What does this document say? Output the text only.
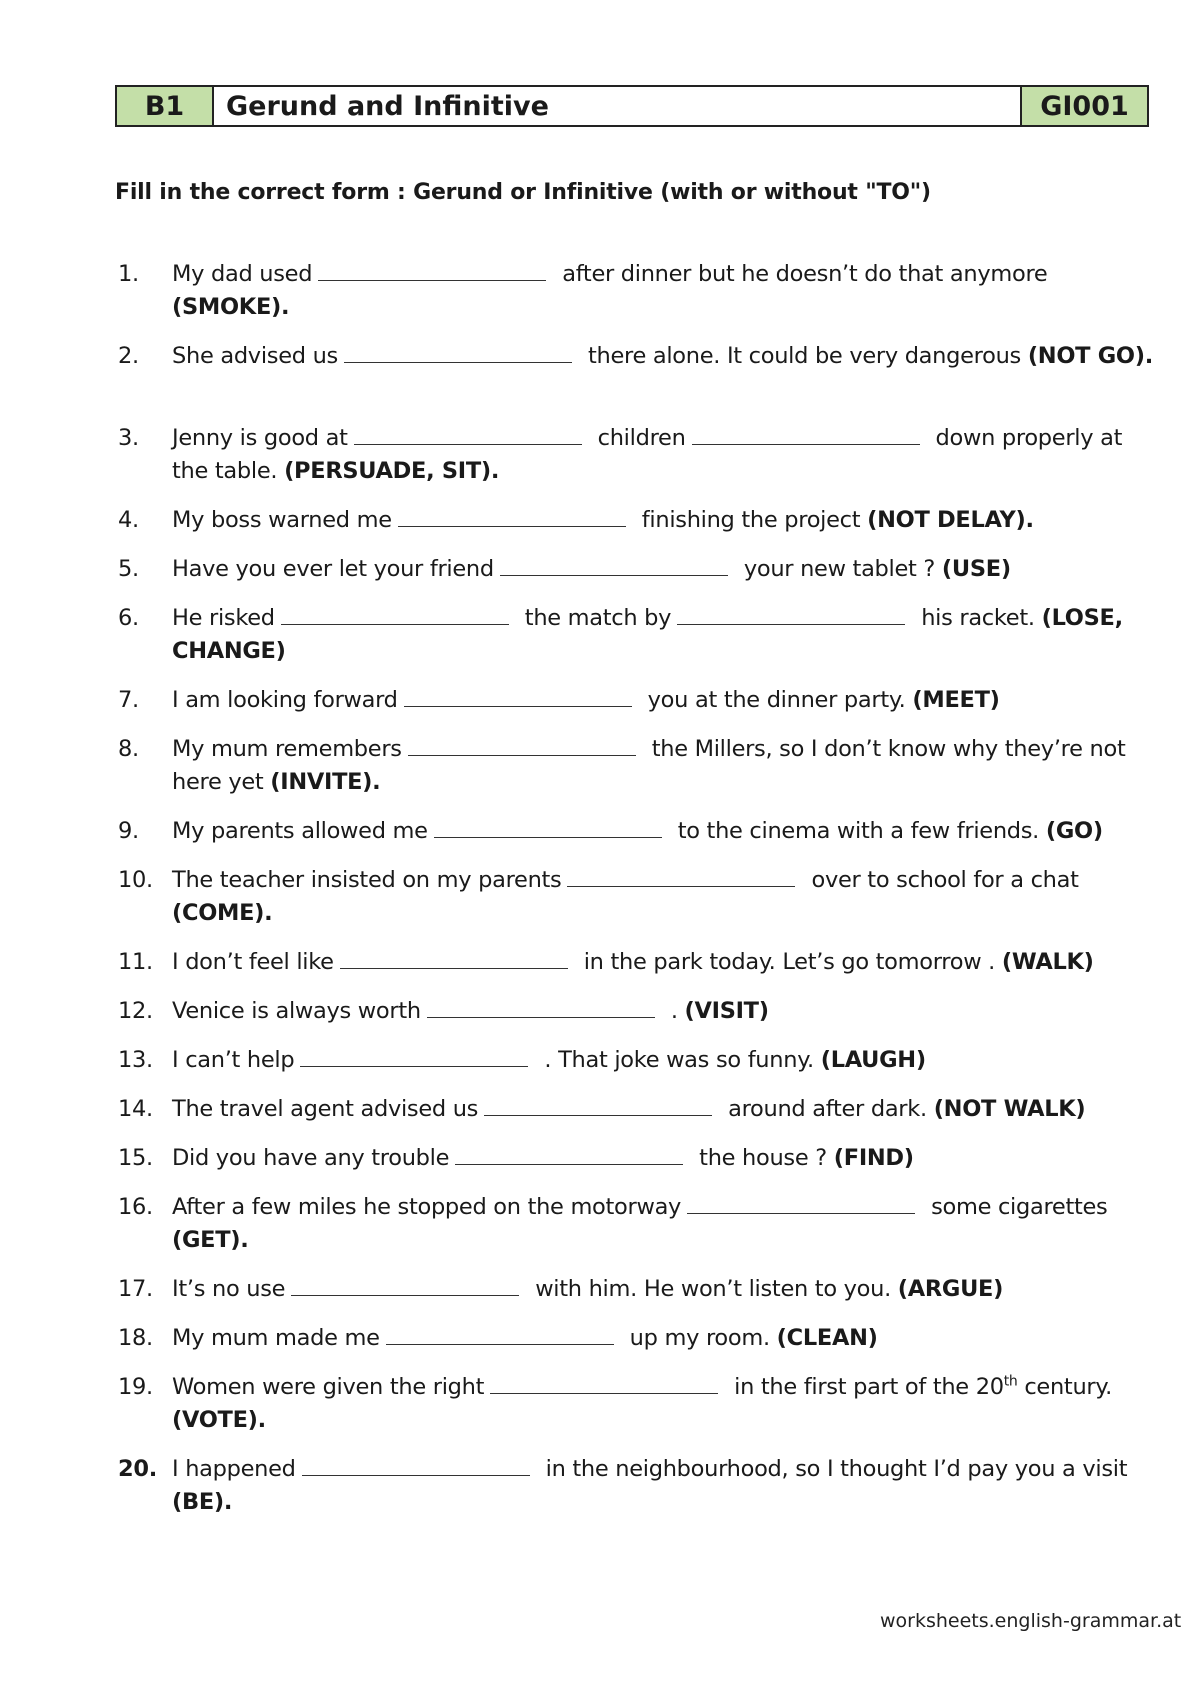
B1	Gerund and Infinitive	GI001
Fill in the correct form : Gerund or Infinitive (with or without "TO")
1.	My dad used	after dinner but he doesn’t do that anymore (SMOKE).
2.	She advised us	there alone. It could be very dangerous (NOT GO).
3.	Jenny is good at	children	down properly at the table. (PERSUADE, SIT).
4.	My boss warned me	finishing the project (NOT DELAY).
5.	Have you ever let your friend	your new tablet ? (USE)
6.	He risked	the match by	his racket. (LOSE, CHANGE)
7.	I am looking forward	you at the dinner party. (MEET)
8.	My mum remembers	the Millers, so I don’t know why they’re not here yet (INVITE).
9.	My parents allowed me	to the cinema with a few friends. (GO)
10. The teacher insisted on my parents	over to school for a chat (COME).
11. I don’t feel like	in the park today. Let’s go tomorrow . (WALK)
12. Venice is always worth	. (VISIT)
13. I can’t help	. That joke was so funny. (LAUGH)
14. The travel agent advised us	around after dark. (NOT WALK)
15. Did you have any trouble	the house ? (FIND)
16. After a few miles he stopped on the motorway	some cigarettes (GET).
17. It’s no use	with him. He won’t listen to you. (ARGUE)
18. My mum made me	up my room. (CLEAN)
19. Women were given the right	in the first part of the 20th century. (VOTE).
20. I happened	in the neighbourhood, so I thought I’d pay you a visit (BE).
worksheets.english-grammar.at
